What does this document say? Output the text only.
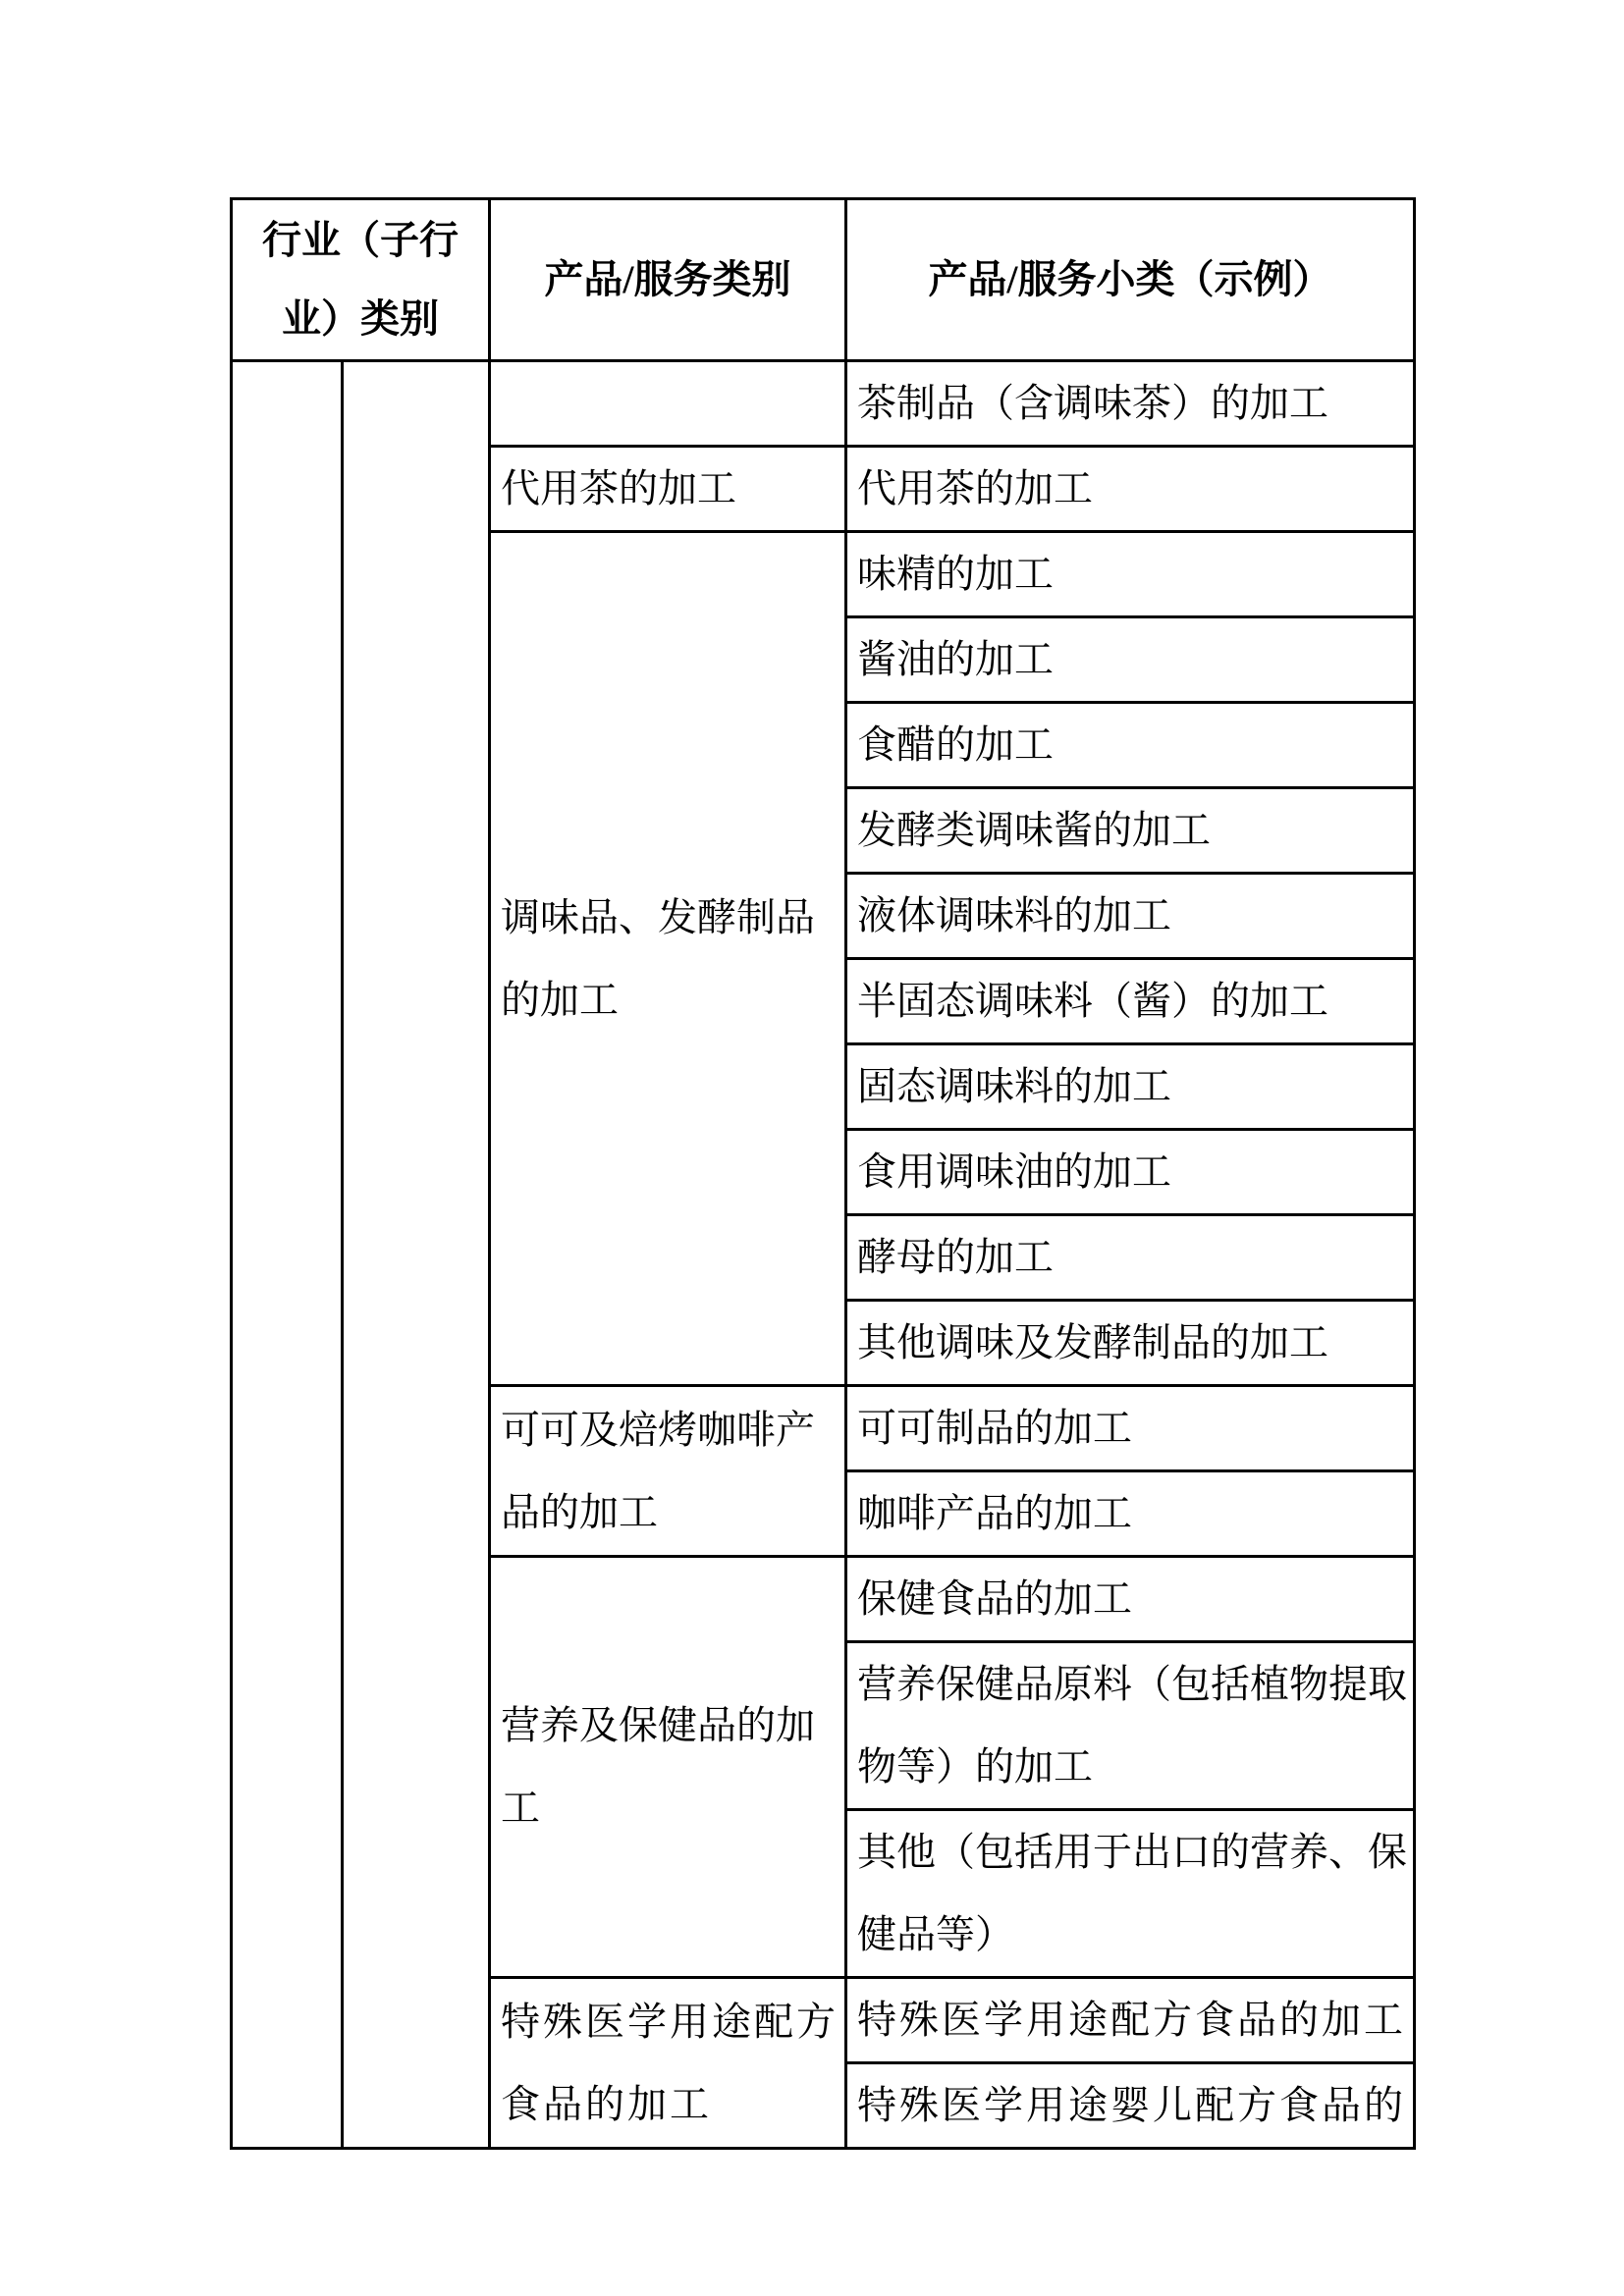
行业（子行
业）类别		产品/服务类别	产品/服务小类（示例）

			茶制品（含调味茶）的加工

		代用茶的加工	代用茶的加工

		调味品、发酵制品
的加工	味精的加工

			酱油的加工

			食醋的加工

			发酵类调味酱的加工

			液体调味料的加工

			半固态调味料（酱）的加工

			固态调味料的加工

			食用调味油的加工

			酵母的加工

			其他调味及发酵制品的加工

		可可及焙烤咖啡产
品的加工	可可制品的加工

			咖啡产品的加工

		营养及保健品的加
工	保健食品的加工

			营养保健品原料（包括植物提取
物等）的加工

			其他（包括用于出口的营养、保
健品等）

		特殊医学用途配方
食品的加工	特殊医学用途配方食品的加工

			特殊医学用途婴儿配方食品的
